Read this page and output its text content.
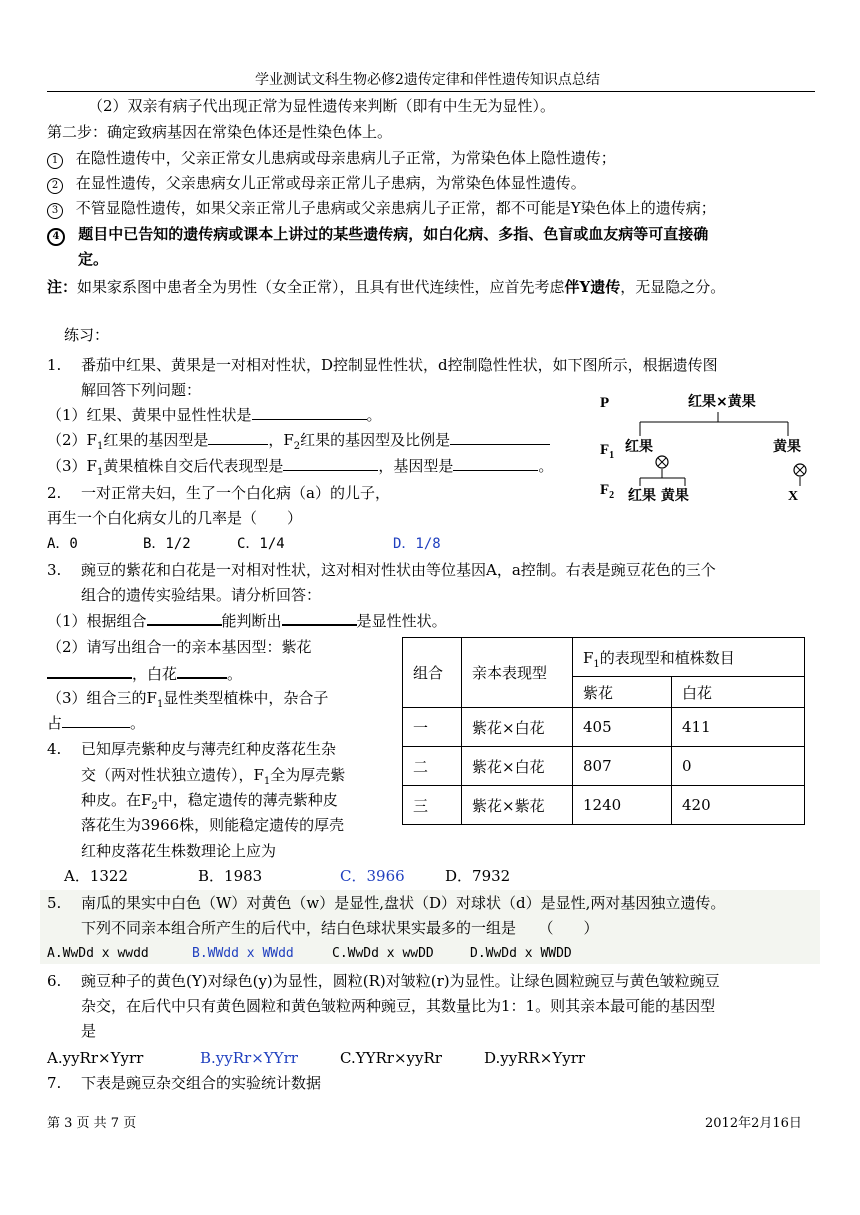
学业测试文科生物必修2遗传定律和伴性遗传知识点总结
（2）双亲有病子代出现正常为显性遗传来判断（即有中生无为显性）。
第二步：确定致病基因在常染色体还是性染色体上。
1 在隐性遗传中，父亲正常女儿患病或母亲患病儿子正常，为常染色体上隐性遗传；
2 在显性遗传，父亲患病女儿正常或母亲正常儿子患病，为常染色体显性遗传。
3 不管显隐性遗传，如果父亲正常儿子患病或父亲患病儿子正常，都不可能是Y染色体上的遗传病；
4 题目中已告知的遗传病或课本上讲过的某些遗传病，如白化病、多指、色盲或血友病等可直接确
定。
注：如果家系图中患者全为男性（女全正常），且具有世代连续性，应首先考虑伴Y遗传，无显隐之分。
练习：
1. 番茄中红果、黄果是一对相对性状，D控制显性性状，d控制隐性性状，如下图所示，根据遗传图
解回答下列问题：
（1）红果、黄果中显性性状是	。
$(2)F_1$红果的基因型是	，$F_2$红果的基因型及比例是
$(3)F_1$黄果植株自交后代表现型是	，基因型是	。
P	红果×黄果
$F_1$
红果	黄果
$F_2$ 红果 黄果	X
2. 一对正常夫妇，生了一个白化病（a）的儿子，
再生一个白化病女儿的几率是（　　）
A．0	B．1/2	C．1/4	D．1/8
3. 豌豆的紫花和白花是一对相对性状，这对相对性状由等位基因A，a控制。右表是豌豆花色的三个
组合的遗传实验结果。请分析回答：
（1）根据组合	能判断出	是显性性状。
（2）请写出组合一的亲本基因型：紫花
，白花	。
（3）组合三的$F_1$显性类型植株中，杂合子
占	。
组合	亲本表现型	$F_1$的表现型和植株数目	
		紫花	白花
一	紫花×白花	405	411
二	紫花×白花	807	0
三	紫花×紫花	1240	420
4. 已知厚壳紫种皮与薄壳红种皮落花生杂
交（两对性状独立遗传），$F_1$全为厚壳紫
种皮。在$F_2$中，稳定遗传的薄壳紫种皮
落花生为3966株，则能稳定遗传的厚壳
红种皮落花生株数理论上应为
A．1322	B．1983	C．3966	D．7932
5. 南瓜的果实中白色（W）对黄色（w）是显性,盘状（D）对球状（d）是显性,两对基因独立遗传。
下列不同亲本组合所产生的后代中，结白色球状果实最多的一组是　　（　　）
A.WwDd x wwdd	B.WWdd x WWdd	C.WwDd x wwDD	D.WwDd x WWDD
6. 豌豆种子的黄色(Y)对绿色(y)为显性，圆粒(R)对皱粒(r)为显性。让绿色圆粒豌豆与黄色皱粒豌豆
杂交，在后代中只有黄色圆粒和黄色皱粒两种豌豆，其数量比为1：1。则其亲本最可能的基因型
是
A.yyRr×Yyrr	B.yyRr×YYrr	C.YYRr×yyRr	D.yyRR×Yyrr
7. 下表是豌豆杂交组合的实验统计数据
第 3 页 共 7 页	2012年2月16日
